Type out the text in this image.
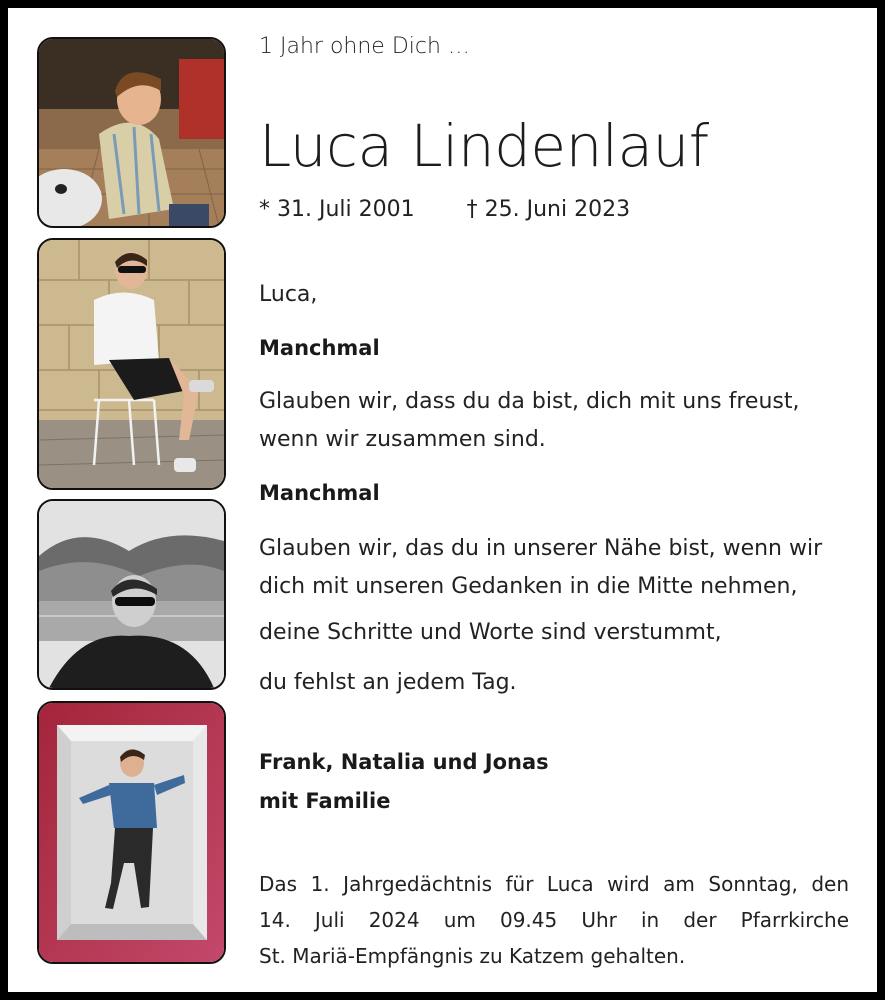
1 Jahr ohne Dich …
Luca Lindenlauf
* 31. Juli 2001 † 25. Juni 2023
Luca,
Manchmal
Glauben wir, dass du da bist, dich mit uns freust,
wenn wir zusammen sind.
Manchmal
Glauben wir, das du in unserer Nähe bist, wenn wir
dich mit unseren Gedanken in die Mitte nehmen,
deine Schritte und Worte sind verstummt,
du fehlst an jedem Tag.
Frank, Natalia und Jonas
mit Familie
Das 1. Jahrgedächtnis für Luca wird am Sonntag, den
14. Juli 2024 um 09.45 Uhr in der Pfarrkirche
St. Mariä-Empfängnis zu Katzem gehalten.
